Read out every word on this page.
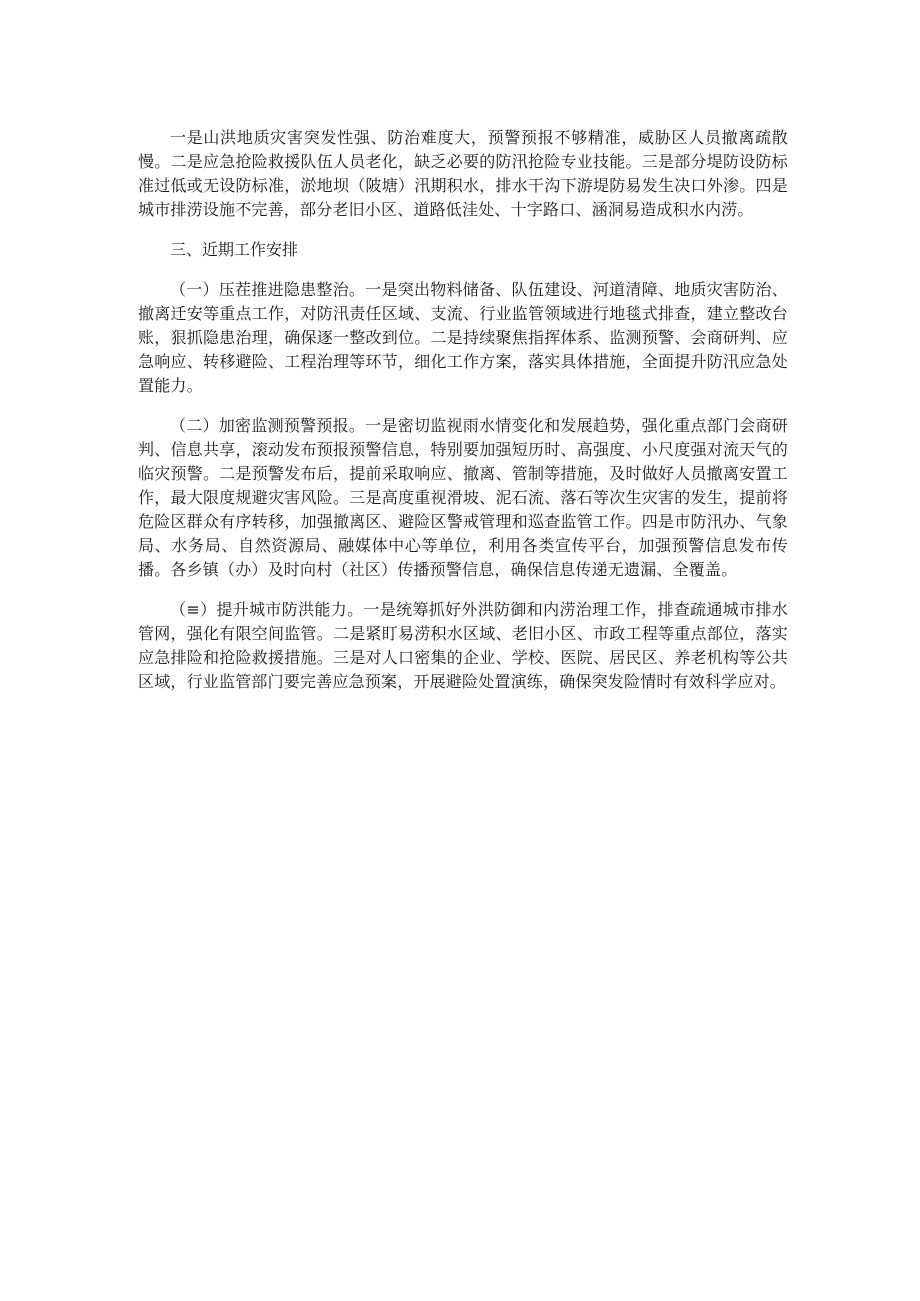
一是山洪地质灾害突发性强、防治难度大，预警预报不够精准，威胁区人员撤离疏散慢。二是应急抢险救援队伍人员老化，缺乏必要的防汛抢险专业技能。三是部分堤防设防标准过低或无设防标准，淤地坝（陂塘）汛期积水，排水干沟下游堤防易发生决口外渗。四是城市排涝设施不完善，部分老旧小区、道路低洼处、十字路口、涵洞易造成积水内涝。

三、近期工作安排

（一）压茬推进隐患整治。一是突出物料储备、队伍建设、河道清障、地质灾害防治、撤离迁安等重点工作，对防汛责任区域、支流、行业监管领域进行地毯式排查，建立整改台账，狠抓隐患治理，确保逐一整改到位。二是持续聚焦指挥体系、监测预警、会商研判、应急响应、转移避险、工程治理等环节，细化工作方案，落实具体措施，全面提升防汛应急处置能力。

（二）加密监测预警预报。一是密切监视雨水情变化和发展趋势，强化重点部门会商研判、信息共享，滚动发布预报预警信息，特别要加强短历时、高强度、小尺度强对流天气的临灾预警。二是预警发布后，提前采取响应、撤离、管制等措施，及时做好人员撤离安置工作，最大限度规避灾害风险。三是高度重视滑坡、泥石流、落石等次生灾害的发生，提前将危险区群众有序转移，加强撤离区、避险区警戒管理和巡查监管工作。四是市防汛办、气象局、水务局、自然资源局、融媒体中心等单位，利用各类宣传平台，加强预警信息发布传播。各乡镇（办）及时向村（社区）传播预警信息，确保信息传递无遗漏、全覆盖。

（≡）提升城市防洪能力。一是统筹抓好外洪防御和内涝治理工作，排查疏通城市排水管网，强化有限空间监管。二是紧盯易涝积水区域、老旧小区、市政工程等重点部位，落实应急排险和抢险救援措施。三是对人口密集的企业、学校、医院、居民区、养老机构等公共区域，行业监管部门要完善应急预案，开展避险处置演练，确保突发险情时有效科学应对。
